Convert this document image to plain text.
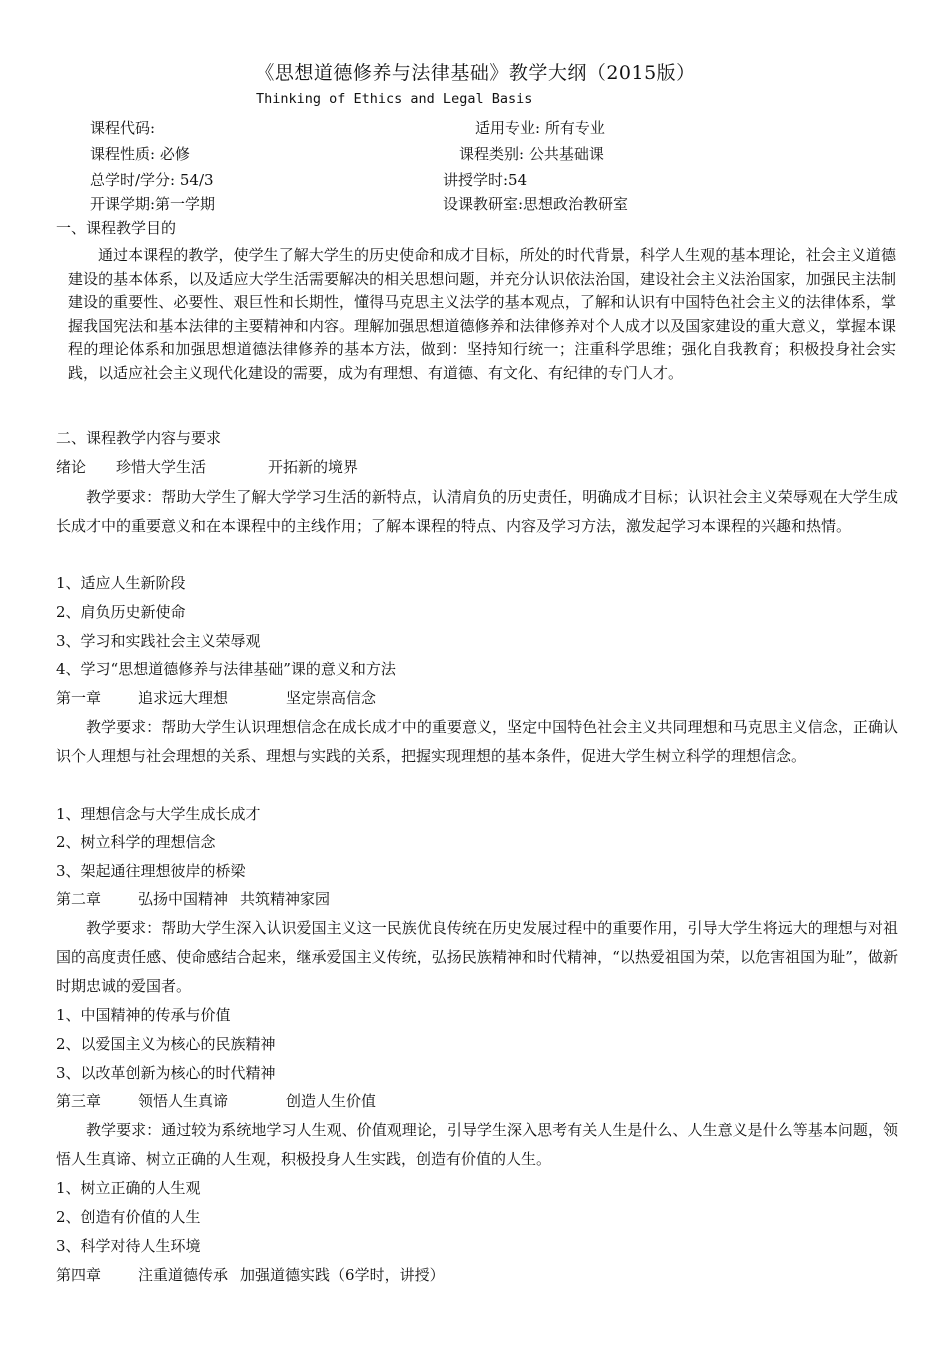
《思想道德修养与法律基础》教学大纲（2015版）
Thinking of Ethics and Legal Basis
课程代码:	适用专业: 所有专业
课程性质: 必修	课程类别: 公共基础课
总学时/学分: 54/3	讲授学时:54
开课学期:第一学期	设课教研室:思想政治教研室
一、课程教学目的
通过本课程的教学，使学生了解大学生的历史使命和成才目标，所处的时代背景，科学人生观的基本理论，社会主义道德建设的基本体系，以及适应大学生活需要解决的相关思想问题，并充分认识依法治国，建设社会主义法治国家，加强民主法制建设的重要性、必要性、艰巨性和长期性，懂得马克思主义法学的基本观点，了解和认识有中国特色社会主义的法律体系，掌握我国宪法和基本法律的主要精神和内容。理解加强思想道德修养和法律修养对个人成才以及国家建设的重大意义，掌握本课程的理论体系和加强思想道德法律修养的基本方法，做到：坚持知行统一；注重科学思维；强化自我教育；积极投身社会实践，以适应社会主义现代化建设的需要，成为有理想、有道德、有文化、有纪律的专门人才。
二、课程教学内容与要求
绪论 珍惜大学生活	开拓新的境界
教学要求：帮助大学生了解大学学习生活的新特点，认清肩负的历史责任，明确成才目标；认识社会主义荣辱观在大学生成长成才中的重要意义和在本课程中的主线作用；了解本课程的特点、内容及学习方法，激发起学习本课程的兴趣和热情。
1、适应人生新阶段
2、肩负历史新使命
3、学习和实践社会主义荣辱观
4、学习“思想道德修养与法律基础”课的意义和方法
第一章 追求远大理想	坚定崇高信念
教学要求：帮助大学生认识理想信念在成长成才中的重要意义，坚定中国特色社会主义共同理想和马克思主义信念，正确认识个人理想与社会理想的关系、理想与实践的关系，把握实现理想的基本条件，促进大学生树立科学的理想信念。
1、理想信念与大学生成长成才
2、树立科学的理想信念
3、架起通往理想彼岸的桥梁
第二章 弘扬中国精神 共筑精神家园
教学要求：帮助大学生深入认识爱国主义这一民族优良传统在历史发展过程中的重要作用，引导大学生将远大的理想与对祖国的高度责任感、使命感结合起来，继承爱国主义传统，弘扬民族精神和时代精神，“以热爱祖国为荣，以危害祖国为耻”，做新时期忠诚的爱国者。
1、中国精神的传承与价值
2、以爱国主义为核心的民族精神
3、以改革创新为核心的时代精神
第三章 领悟人生真谛	创造人生价值
教学要求：通过较为系统地学习人生观、价值观理论，引导学生深入思考有关人生是什么、人生意义是什么等基本问题，领悟人生真谛、树立正确的人生观，积极投身人生实践，创造有价值的人生。
1、树立正确的人生观
2、创造有价值的人生
3、科学对待人生环境
第四章 注重道德传承 加强道德实践（6学时，讲授）
